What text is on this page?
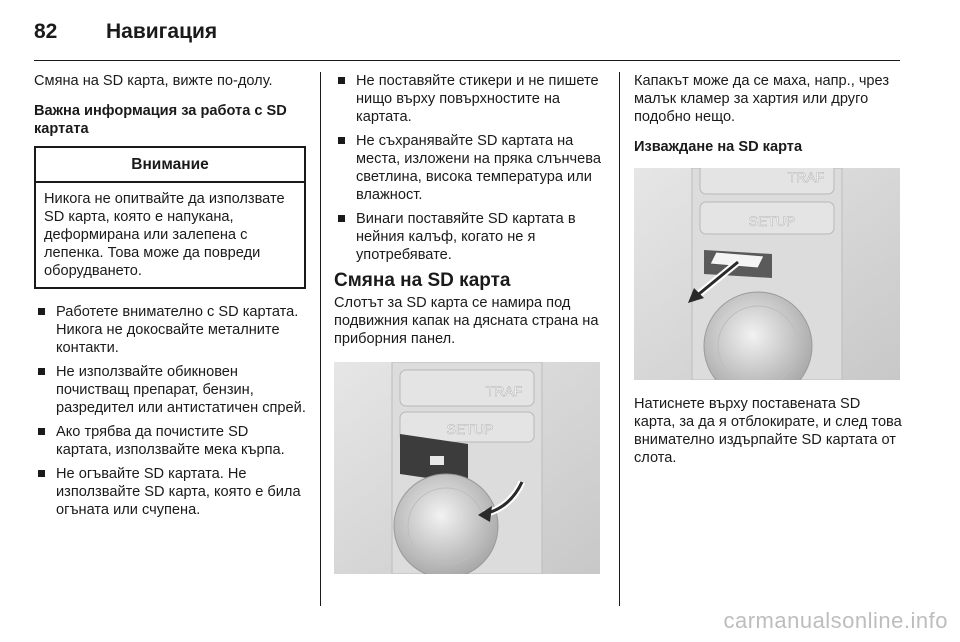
82	Навигация

Смяна на SD карта, вижте по-долу.

Важна информация за работа с SD картата

Внимание
Никога не опитвайте да използвате SD карта, която е напукана, деформирана или залепена с лепенка. Това може да повреди оборудването.
Работете внимателно с SD картата. Никога не докосвайте металните контакти.
Не използвайте обикновен почистващ препарат, бензин, разредител или антистатичен спрей.
Ако трябва да почистите SD картата, използвайте мека кърпа.
Не огъвайте SD картата. Не използвайте SD карта, която е била огъната или счупена.
Не поставяйте стикери и не пишете нищо върху повърхностите на картата.
Не съхранявайте SD картата на места, изложени на пряка слънчева светлина, висока температура или влажност.
Винаги поставяйте SD картата в нейния калъф, когато не я употребявате.
Смяна на SD карта

Слотът за SD карта се намира под подвижния капак на дясната страна на приборния панел.

TRAF
SETUP

Капакът може да се маха, напр., чрез малък кламер за хартия или друго подобно нещо.

Изваждане на SD карта

TRAF
SETUP

Натиснете върху поставената SD карта, за да я отблокирате, и след това внимателно издърпайте SD картата от слота.

carmanualsonline.info
